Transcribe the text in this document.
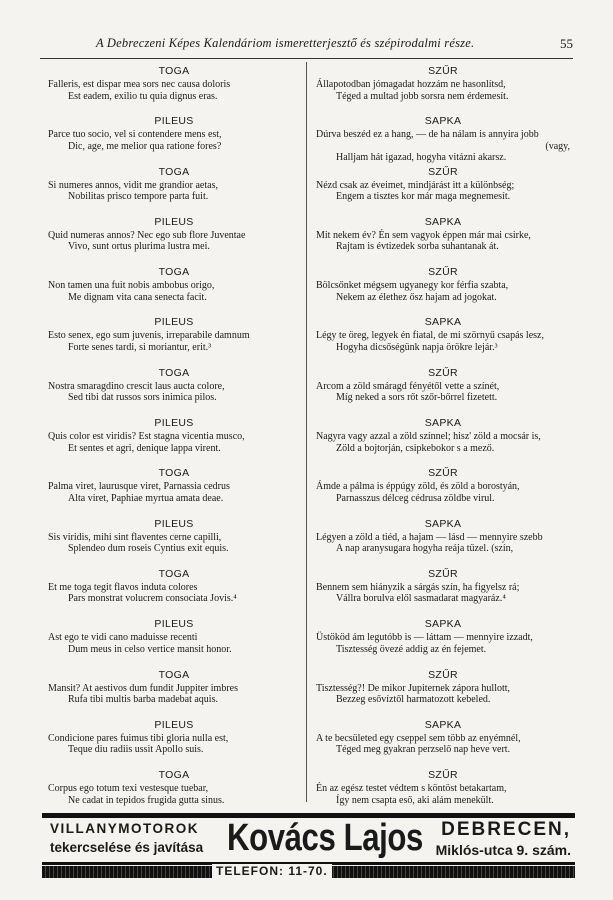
A Debreczeni Képes Kalendáriom ismeretterjesztő és szépirodalmi része.	55
TOGA
Falleris, est dispar mea sors nec causa doloris
Est eadem, exilio tu quia dignus eras.
PILEUS
Parce tuo socio, vel si contendere mens est,
Dic, age, me melior qua ratione fores?
TOGA
Si numeres annos, vidit me grandior aetas,
Nobilitas prisco tempore parta fuit.
PILEUS
Quid numeras annos? Nec ego sub flore Juventae
Vivo, sunt ortus plurima lustra mei.
TOGA
Non tamen una fuit nobis ambobus origo,
Me dignam vita cana senecta facit.
PILEUS
Esto senex, ego sum juvenis, irreparabile damnum
Forte senes tardi, si moriantur, erit.³
TOGA
Nostra smaragdino crescit laus aucta colore,
Sed tibi dat russos sors inimica pilos.
PILEUS
Quis color est viridis? Est stagna vicentia musco,
Et sentes et agri, denique lappa virent.
TOGA
Palma viret, laurusque viret, Parnassia cedrus
Alta viret, Paphiae myrtua amata deae.
PILEUS
Sis viridis, mihi sint flaventes cerne capilli,
Splendeo dum roseis Cyntius exit equis.
TOGA
Et me toga tegit flavos induta colores
Pars monstrat volucrem consociata Jovis.⁴
PILEUS
Ast ego te vidi cano maduisse recenti
Dum meus in celso vertice mansit honor.
TOGA
Mansit? At aestivos dum fundit Juppiter imbres
Rufa tibi multis barba madebat aquis.
PILEUS
Condicione pares fuimus tibi gloria nulla est,
Teque diu radiis ussit Apollo suis.
TOGA
Corpus ego totum texi vestesque tuebar,
Ne cadat in tepidos frugida gutta sinus.
SZŰR
Állapotodban jómagadat hozzám ne hasonlítsd,
Téged a multad jobb sorsra nem érdemesít.
SAPKA
Dúrva beszéd ez a hang, — de ha nálam is annyira jobb
(vagy,
Halljam hát igazad, hogyha vitázni akarsz.
SZŰR
Nézd csak az éveimet, mindjárást itt a különbség;
Engem a tisztes kor már maga megnemesít.
SAPKA
Mit nekem év? Én sem vagyok éppen már mai csirke,
Rajtam is évtizedek sorba suhantanak át.
SZŰR
Bölcsőnket mégsem ugyanegy kor férfia szabta,
Nekem az élethez ősz hajam ad jogokat.
SAPKA
Légy te öreg, legyek én fiatal, de mi szörnyű csapás lesz,
Hogyha dicsőségünk napja örökre lejár.³
SZŰR
Arcom a zöld smáragd fényétől vette a színét,
Míg neked a sors rőt szőr-bőrrel fizetett.
SAPKA
Nagyra vagy azzal a zöld színnel; hisz' zöld a mocsár is,
Zöld a bojtorján, csipkebokor s a mező.
SZŰR
Ámde a pálma is éppúgy zöld, és zöld a borostyán,
Parnasszus délceg cédrusa zöldbe virul.
SAPKA
Légyen a zöld a tiéd, a hajam — lásd — mennyire szebb
A nap aranysugara hogyha reája tűzel. (szín,
SZŰR
Bennem sem hiányzik a sárgás szín, ha figyelsz rá;
Vállra borulva elől sasmadarat magyaráz.⁴
SAPKA
Üstököd ám legutóbb is — láttam — mennyire izzadt,
Tisztesség övezé addig az én fejemet.
SZŰR
Tisztesség?! De mikor Jupiternek zápora hullott,
Bezzeg esővíztől harmatozott kebeled.
SAPKA
A te becsületed egy cseppel sem több az enyémnél,
Téged meg gyakran perzselő nap heve vert.
SZŰR
Én az egész testet védtem s köntöst betakartam,
Így nem csapta eső, aki alám menekült.
VILLANYMOTOROK
tekercselése és javítása Kovács Lajos DEBRECEN,
Miklós-utca 9. szám.
TELEFON: 11-70.
